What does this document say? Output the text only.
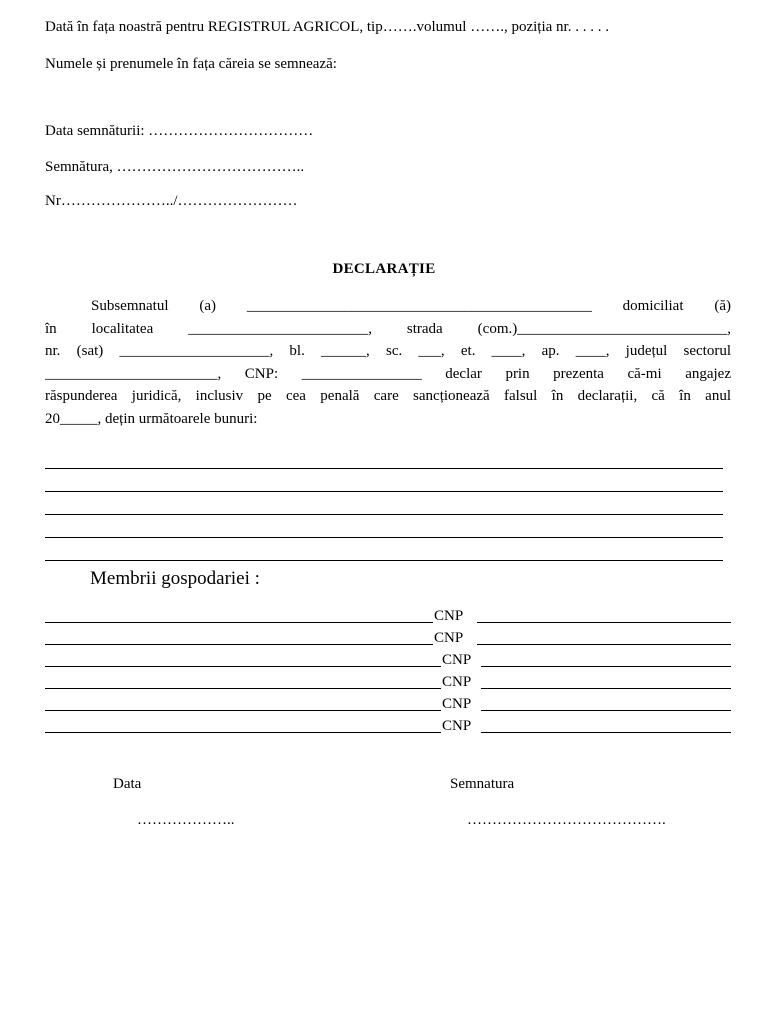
Dată în fața noastră pentru REGISTRUL AGRICOL, tip…….volumul ……., poziția nr. . . . . .
Numele și prenumele în fața căreia se semnează:
Data semnăturii: ……………………………
Semnătura, ………………………………..
Nr…………………../……………………
DECLARAȚIE
Subsemnatul (a) ______________________________________________ domiciliat (ă)
în localitatea ________________________, strada (com.)____________________________,
nr. (sat) ____________________, bl. ______, sc. ___, et. ____, ap. ____, județul sectorul
_______________________, CNP: ________________ declar prin prezenta că-mi angajez
răspunderea juridică, inclusiv pe cea penală care sancționează falsul în declarații, că în anul
20_____, dețin următoarele bunuri:
Membrii gospodariei :
CNP
CNP
CNP
CNP
CNP
CNP
Data	Semnatura
………………..	………………………………….
